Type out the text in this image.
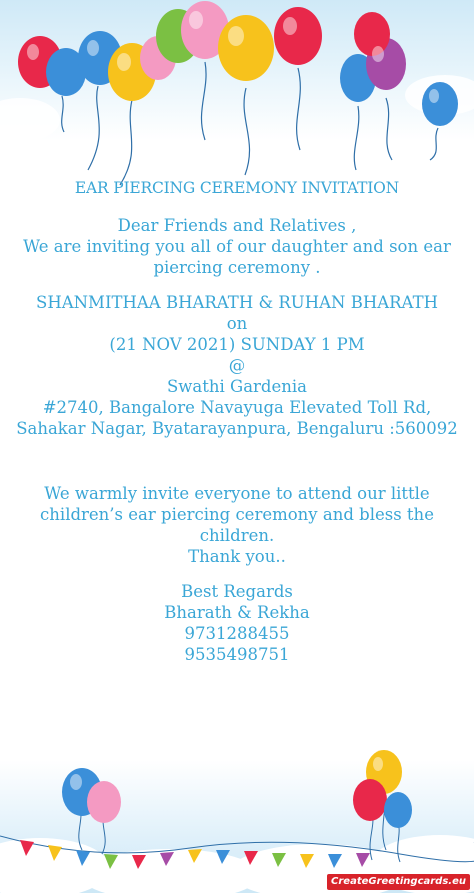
EAR PIERCING CEREMONY INVITATION

Dear Friends and Relatives ,

We are inviting you all of our daughter and son ear

piercing ceremony .

SHANMITHAA BHARATH & RUHAN BHARATH

on

(21 NOV 2021) SUNDAY 1 PM

@

Swathi Gardenia

#2740, Bangalore Navayuga Elevated Toll Rd,

Sahakar Nagar, Byatarayanpura, Bengaluru :560092

We warmly invite everyone to attend our little

children’s ear piercing ceremony and bless the

children.

Thank you..

Best Regards

Bharath & Rekha

9731288455

9535498751

CreateGreetingcards.eu
